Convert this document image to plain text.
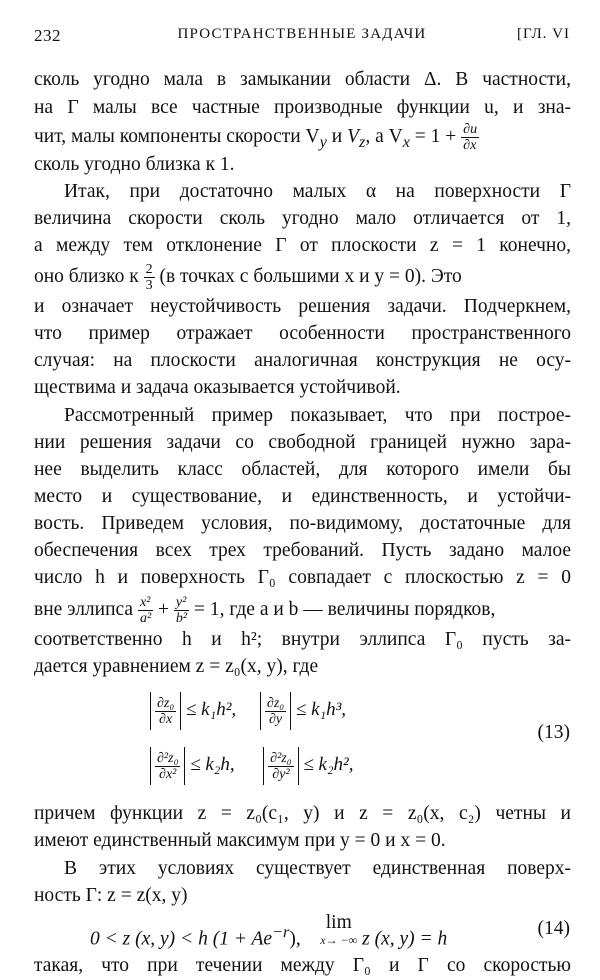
232	ПРОСТРАНСТВЕННЫЕ ЗАДАЧИ	[ГЛ. VI
сколь угодно мала в замыкании области Δ. В частности,
на Γ малы все частные производные функции u, и зна-
чит, малы компоненты скорости $V_y$ и $V_z$, а $V_x = 1 + \frac{\partial u}{\partial x}$
сколь угодно близка к 1.
Итак, при достаточно малых α на поверхности Γ
величина скорости сколь угодно мало отличается от 1,
а между тем отклонение Γ от плоскости z = 1 конечно,
оно близко к $\frac{2}{3} (в$ точках с большими x и y = 0). Это
и означает неустойчивость решения задачи. Подчеркнем,
что пример отражает особенности пространственного
случая: на плоскости аналогичная конструкция не осу-
ществима и задача оказывается устойчивой.
Рассмотренный пример показывает, что при построе-
нии решения задачи со свободной границей нужно зара-
нее выделить класс областей, для которого имели бы
место и существование, и единственность, и устойчи-
вость. Приведем условия, по-видимому, достаточные для
обеспечения всех трех требований. Пусть задано малое
число h и поверхность Γ₀ совпадает с плоскостью z = 0
вне эллипса $\frac{\text{x²}}{\text{a²}} + \frac{\text{y²}}{\text{b²}} = 1$, где a и b — величины порядков,
соответственно h и h²; внутри эллипса Γ₀ пусть за-
дается уравнением z = z₀(x, y), где
$\frac{\text{∂z₀}}{\partial x} \le k_1h^2$, $\frac{\text{∂z₀}}{\partial y} \le k_1h^3$,
(13)
$\frac{\text{∂²z₀}}{\text{∂x²}} \le k_2h$, $\frac{\text{∂²z₀}}{\text{∂y²}} \le k_2h^2$,
причем функции z = z₀(c₁, y) и z = z₀(x, c₂) четны и
имеют единственный максимум при y = 0 и x = 0.
В этих условиях существует единственная поверх-
ность Γ: z = z(x, y)
0 < z (x, y) < h $(1 + Ae^{-r})$,    lim
x→ −∞ z (x, y) = h	(14)
такая, что при течении между Γ₀ и Γ со скоростью
